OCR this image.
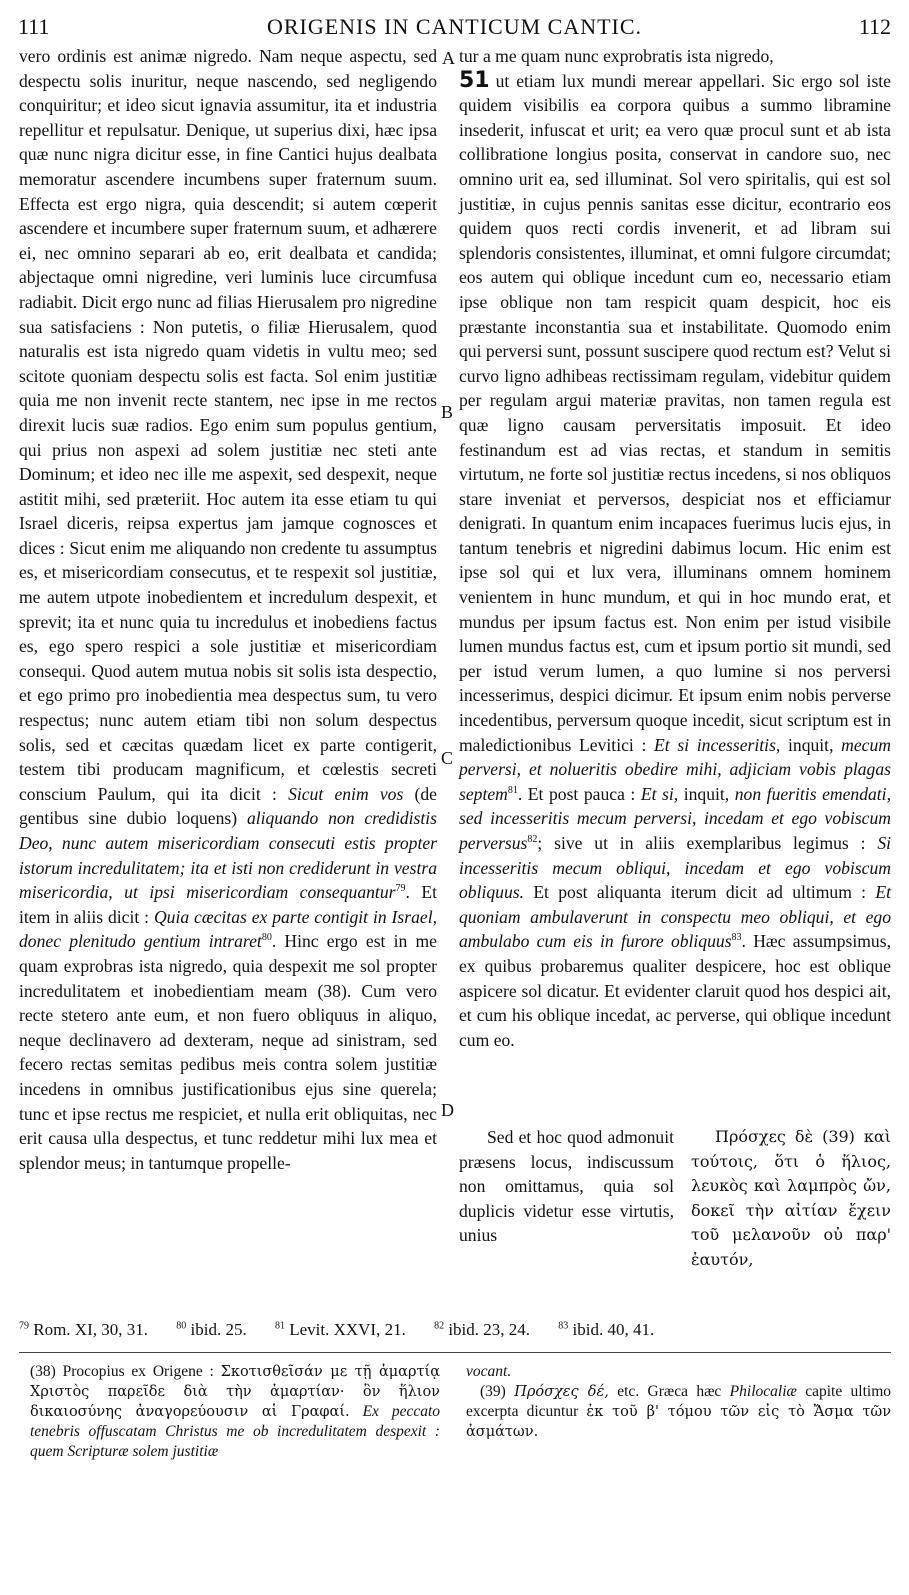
111	ORIGENIS IN CANTICUM CANTIC.	112
A
B
C
D

vero ordinis est animæ nigredo. Nam neque aspectu, sed despectu solis inuritur, neque nascendo, sed negligendo conquiritur; et ideo sicut ignavia assumitur, ita et industria repellitur et repulsatur. Denique, ut superius dixi, hæc ipsa quæ nunc nigra dicitur esse, in fine Cantici hujus dealbata memoratur ascendere incumbens super fraternum suum. Effecta est ergo nigra, quia descendit; si autem cœperit ascendere et incumbere super fraternum suum, et adhærere ei, nec omnino separari ab eo, erit dealbata et candida; abjectaque omni nigredine, veri luminis luce circumfusa radiabit. Dicit ergo nunc ad filias Hierusalem pro nigredine sua satisfaciens : Non putetis, o filiæ Hierusalem, quod naturalis est ista nigredo quam videtis in vultu meo; sed scitote quoniam despectu solis est facta. Sol enim justitiæ quia me non invenit recte stantem, nec ipse in me rectos direxit lucis suæ radios. Ego enim sum populus gentium, qui prius non aspexi ad solem justitiæ nec steti ante Dominum; et ideo nec ille me aspexit, sed despexit, neque astitit mihi, sed præteriit. Hoc autem ita esse etiam tu qui Israel diceris, reipsa expertus jam jamque cognosces et dices : Sicut enim me aliquando non credente tu assumptus es, et misericordiam consecutus, et te respexit sol justitiæ, me autem utpote inobedientem et incredulum despexit, et sprevit; ita et nunc quia tu incredulus et inobediens factus es, ego spero respici a sole justitiæ et misericordiam consequi. Quod autem mutua nobis sit solis ista despectio, et ego primo pro inobedientia mea despectus sum, tu vero respectus; nunc autem etiam tibi non solum despectus solis, sed et cæcitas quædam licet ex parte contigerit, testem tibi producam magnificum, et cœlestis secreti conscium Paulum, qui ita dicit : Sicut enim vos (de gentibus sine dubio loquens) aliquando non credidistis Deo, nunc autem misericordiam consecuti estis propter istorum incredulitatem; ita et isti non crediderunt in vestra misericordia, ut ipsi misericordiam consequantur$^{79}$. Et item in aliis dicit : Quia cæcitas ex parte contigit in Israel, donec plenitudo gentium intraret$^{80}$. Hinc ergo est in me quam exprobras ista nigredo, quia despexit me sol propter incredulitatem et inobedientiam meam (38). Cum vero recte stetero ante eum, et non fuero obliquus in aliquo, neque declinavero ad dexteram, neque ad sinistram, sed fecero rectas semitas pedibus meis contra solem justitiæ incedens in omnibus justificationibus ejus sine querela; tunc et ipse rectus me respiciet, et nulla erit obliquitas, nec erit causa ulla despectus, et tunc reddetur mihi lux mea et splendor meus; in tantumque propelle-

tur a me quam nunc exprobratis ista nigredo,
51 ut etiam lux mundi merear appellari. Sic ergo sol iste quidem visibilis ea corpora quibus a summo libramine insederit, infuscat et urit; ea vero quæ procul sunt et ab ista collibratione longius posita, conservat in candore suo, nec omnino urit ea, sed illuminat. Sol vero spiritalis, qui est sol justitiæ, in cujus pennis sanitas esse dicitur, econtrario eos quidem quos recti cordis invenerit, et ad libram sui splendoris consistentes, illuminat, et omni fulgore circumdat; eos autem qui oblique incedunt cum eo, necessario etiam ipse oblique non tam respicit quam despicit, hoc eis præstante inconstantia sua et instabilitate. Quomodo enim qui perversi sunt, possunt suscipere quod rectum est? Velut si curvo ligno adhibeas rectissimam regulam, videbitur quidem per regulam argui materiæ pravitas, non tamen regula est quæ ligno causam perversitatis imposuit. Et ideo festinandum est ad vias rectas, et standum in semitis virtutum, ne forte sol justitiæ rectus incedens, si nos obliquos stare inveniat et perversos, despiciat nos et efficiamur denigrati. In quantum enim incapaces fuerimus lucis ejus, in tantum tenebris et nigredini dabimus locum. Hic enim est ipse sol qui et lux vera, illuminans omnem hominem venientem in hunc mundum, et qui in hoc mundo erat, et mundus per ipsum factus est. Non enim per istud visibile lumen mundus factus est, cum et ipsum portio sit mundi, sed per istud verum lumen, a quo lumine si nos perversi incesserimus, despici dicimur. Et ipsum enim nobis perverse incedentibus, perversum quoque incedit, sicut scriptum est in maledictionibus Levitici : Et si incesseritis, inquit, mecum perversi, et nolueritis obedire mihi, adjiciam vobis plagas septem$^{81}$. Et post pauca : Et si, inquit, non fueritis emendati, sed incesseritis mecum perversi, incedam et ego vobiscum perversus$^{82}$; sive ut in aliis exemplaribus legimus : Si incesseritis mecum obliqui, incedam et ego vobiscum obliquus. Et post aliquanta iterum dicit ad ultimum : Et quoniam ambulaverunt in conspectu meo obliqui, et ego ambulabo cum eis in furore obliquus$^{83}$. Hæc assumpsimus, ex quibus probaremus qualiter despicere, hoc est oblique aspicere sol dicatur. Et evidenter claruit quod hos despici ait, et cum his oblique incedat, ac perverse, qui oblique incedunt cum eo.

Sed et hoc quod admonuit præsens locus, indiscussum non omittamus, quia sol duplicis videtur esse virtutis, unius

Πρόσχες δὲ (39) καὶ τούτοις, ὅτι ὁ ἥλιος, λευκὸς καὶ λαμπρὸς ὤν, δοκεῖ τὴν αἰτίαν ἔχειν τοῦ μελανοῦν οὐ παρ' ἑαυτόν,

$^{79}$ Rom. XI, 30, 31.	$^{80}$ ibid. 25.	$^{81}$ Levit. XXVI, 21.	$^{82}$ ibid. 23, 24.	$^{83}$ ibid. 40, 41.

(38) Procopius ex Origene : Σκοτισθεῖσάν με τῇ ἁμαρτίᾳ Χριστὸς παρεῖδε διὰ τὴν ἁμαρτίαν· ὃν ἥλιον δικαιοσύνης ἀναγορεύουσιν αἱ Γραφαί. Ex peccato tenebris offuscatam Christus me ob incredulitatem despexit : quem Scripturæ solem justitiæ

vocant.

(39) Πρόσχες δέ, etc. Græca hæc Philocaliæ capite ultimo excerpta dicuntur ἐκ τοῦ β' τόμου τῶν εἰς τὸ Ἄσμα τῶν ἀσμάτων.
